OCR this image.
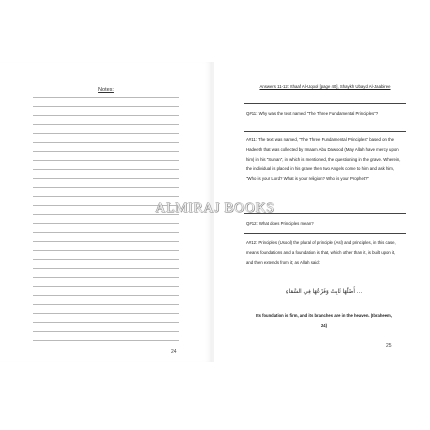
Notes:
24
Answers 11-12: Ithaaf Al-Uqool [page 40], Shaykh Ubayd Al-Jaabiree
Q#11: Why was the text named "The Three Fundamental Principles"?
A#11: The text was named, "The Three Fundamental Principles" based on the Hadeeth that was collected by Imaam Abu Dawood (May Allah have mercy upon him) in his "Sunan", in which is mentioned, the questioning in the grave. Wherein, the individual is placed in his grave then two Angels come to him and ask him, "Who is your Lord? What is your religion? Who is your Prophet?"
Q#12: What does Principles mean?
A#12: Principles (Usool) the plural of principle (Asl) and principles, in this case, means foundations and a foundation is that, which other than it, is built upon it, and then extends from it; as Allah said:
... أَصْلُهَا ثَابِتٌ وَفَرْعُهَا فِي السَّمَاءِ
Its foundation is firm, and its branches are in the heaven. (Ibraheem, 24)
25
ALMIRAJ BOOKS
